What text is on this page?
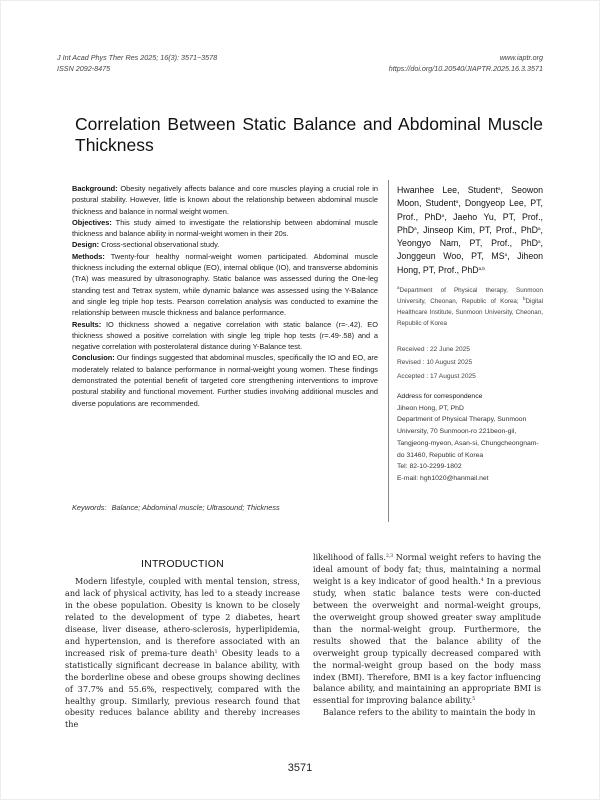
J Int Acad Phys Ther Res 2025; 16(3): 3571~3578
ISSN 2092-8475
www.iaptr.org
https://doi.org/10.20540/JIAPTR.2025.16.3.3571
Correlation Between Static Balance and Abdominal Muscle Thickness

Background: Obesity negatively affects balance and core muscles playing a crucial role in postural stability. However, little is known about the relationship between abdominal muscle thickness and balance in normal weight women.

Objectives: This study aimed to investigate the relationship between abdominal muscle thickness and balance ability in normal-weight women in their 20s.

Design: Cross-sectional observational study.

Methods: Twenty-four healthy normal-weight women participated. Abdominal muscle thickness including the external oblique (EO), internal oblique (IO), and transverse abdominis (TrA) was measured by ultrasonography. Static balance was assessed during the One-leg standing test and Tetrax system, while dynamic balance was assessed using the Y-Balance and single leg triple hop tests. Pearson correlation analysis was conducted to examine the relationship between muscle thickness and balance performance.

Results: IO thickness showed a negative correlation with static balance (r=-.42). EO thickness showed a positive correlation with single leg triple hop tests (r=.49-.58) and a negative correlation with posterolateral distance during Y-Balance test.

Conclusion: Our findings suggested that abdominal muscles, specifically the IO and EO, are moderately related to balance performance in normal-weight young women. These findings demonstrated the potential benefit of targeted core strengthening interventions to improve postural stability and functional movement. Further studies involving additional muscles and diverse populations are recommended.

Keywords: Balance; Abdominal muscle; Ultrasound; Thickness
Hwanhee Lee, Student$^a$, Seowon Moon, Student$^a$, Dongyeop Lee, PT, Prof., PhD$^a$, Jaeho Yu, PT, Prof., PhD$^a$, Jinseop Kim, PT, Prof., PhD$^a$, Yeongyo Nam, PT, Prof., PhD$^a$, Jonggeun Woo, PT, $MS^a$, Jiheon Hong, PT, Prof., PhD$^{a,b}$
$^a$Department of Physical therapy, Sunmoon University, Cheonan, Republic of Korea; $^b$Digital Healthcare Institute, Sunmoon University, Cheonan, Republic of Korea
Received : 22 June 2025
Revised : 10 August 2025
Accepted : 17 August 2025
Address for correspondence
Jiheon Hong, PT, PhD
Department of Physical Therapy, Sunmoon University, 70 Sunmoon-ro 221beon-gil, Tangjeong-myeon, Asan-si, Chungcheongnam-do 31460, Republic of Korea
Tel: 82-10-2299-1802
E-mail: hgh1020@hanmail.net
INTRODUCTION

Modern lifestyle, coupled with mental tension, stress, and lack of physical activity, has led to a steady increase in the obese population. Obesity is known to be closely related to the development of type 2 diabetes, heart disease, liver disease, athero-sclerosis, hyperlipidemia, and hypertension, and is therefore associated with an increased risk of prema-ture death$^1$ Obesity leads to a statistically significant decrease in balance ability, with the borderline obese and obese groups showing declines of 37.7% and 55.6%, respectively, compared with the healthy group. Similarly, previous research found that obesity reduces balance ability and thereby increases the

likelihood of falls.$^{2,3}$ Normal weight refers to having the ideal amount of body fat; thus, maintaining a normal weight is a key indicator of good health.$^4$ In a previous study, when static balance tests were con-ducted between the overweight and normal-weight groups, the overweight group showed greater sway amplitude than the normal-weight group. Furthermore, the results showed that the balance ability of the overweight group typically decreased compared with the normal-weight group based on the body mass index (BMI). Therefore, BMI is a key factor influencing balance ability, and maintaining an appropriate BMI is essential for improving balance ability.$^5$

Balance refers to the ability to maintain the body in

3571
